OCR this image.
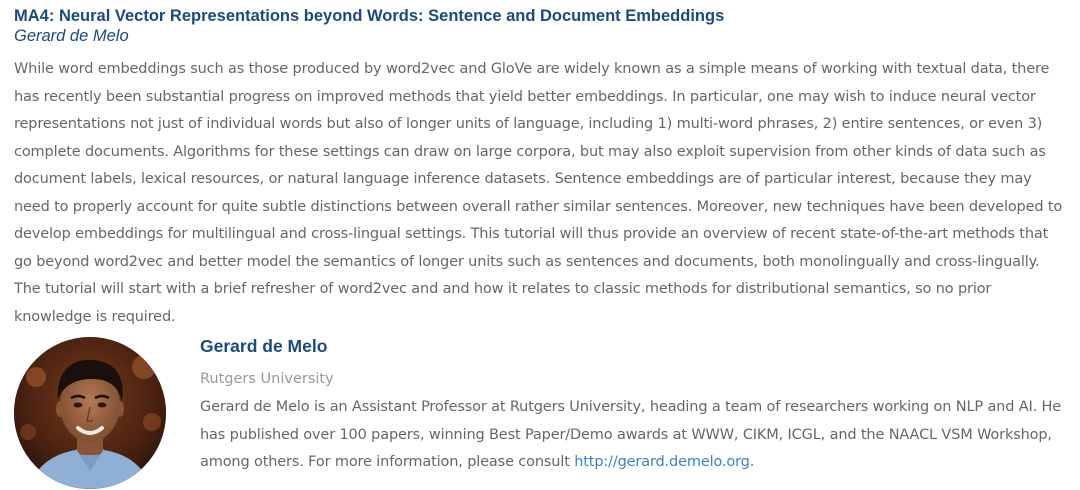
MA4: Neural Vector Representations beyond Words: Sentence and Document Embeddings

Gerard de Melo

While word embeddings such as those produced by word2vec and GloVe are widely known as a simple means of working with textual data, there has recently been substantial progress on improved methods that yield better embeddings. In particular, one may wish to induce neural vector representations not just of individual words but also of longer units of language, including 1) multi-word phrases, 2) entire sentences, or even 3) complete documents. Algorithms for these settings can draw on large corpora, but may also exploit supervision from other kinds of data such as document labels, lexical resources, or natural language inference datasets. Sentence embeddings are of particular interest, because they may need to properly account for quite subtle distinctions between overall rather similar sentences. Moreover, new techniques have been developed to develop embeddings for multilingual and cross-lingual settings. This tutorial will thus provide an overview of recent state-of-the-art methods that go beyond word2vec and better model the semantics of longer units such as sentences and documents, both monolingually and cross-lingually. The tutorial will start with a brief refresher of word2vec and and how it relates to classic methods for distributional semantics, so no prior knowledge is required.

Gerard de Melo

Rutgers University

Gerard de Melo is an Assistant Professor at Rutgers University, heading a team of researchers working on NLP and AI. He has published over 100 papers, winning Best Paper/Demo awards at WWW, CIKM, ICGL, and the NAACL VSM Workshop, among others. For more information, please consult http://gerard.demelo.org.
